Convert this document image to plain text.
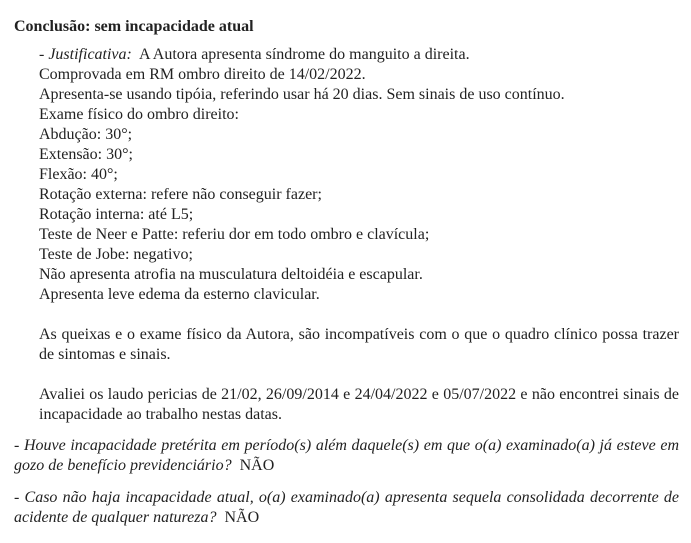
Conclusão: sem incapacidade atual
- Justificativa: A Autora apresenta síndrome do manguito a direita.
Comprovada em RM ombro direito de 14/02/2022.
Apresenta-se usando tipóia, referindo usar há 20 dias. Sem sinais de uso contínuo.
Exame físico do ombro direito:
Abdução: 30°;
Extensão: 30°;
Flexão: 40°;
Rotação externa: refere não conseguir fazer;
Rotação interna: até L5;
Teste de Neer e Patte: referiu dor em todo ombro e clavícula;
Teste de Jobe: negativo;
Não apresenta atrofia na musculatura deltoidéia e escapular.
Apresenta leve edema da esterno clavicular.

As queixas e o exame físico da Autora, são incompatíveis com o que o quadro clínico possa trazer de sintomas e sinais.

Avaliei os laudo pericias de 21/02, 26/09/2014 e 24/04/2022 e 05/07/2022 e não encontrei sinais de incapacidade ao trabalho nestas datas.

- Houve incapacidade pretérita em período(s) além daquele(s) em que o(a) examinado(a) já esteve em gozo de benefício previdenciário? NÃO

- Caso não haja incapacidade atual, o(a) examinado(a) apresenta sequela consolidada decorrente de acidente de qualquer natureza? NÃO
